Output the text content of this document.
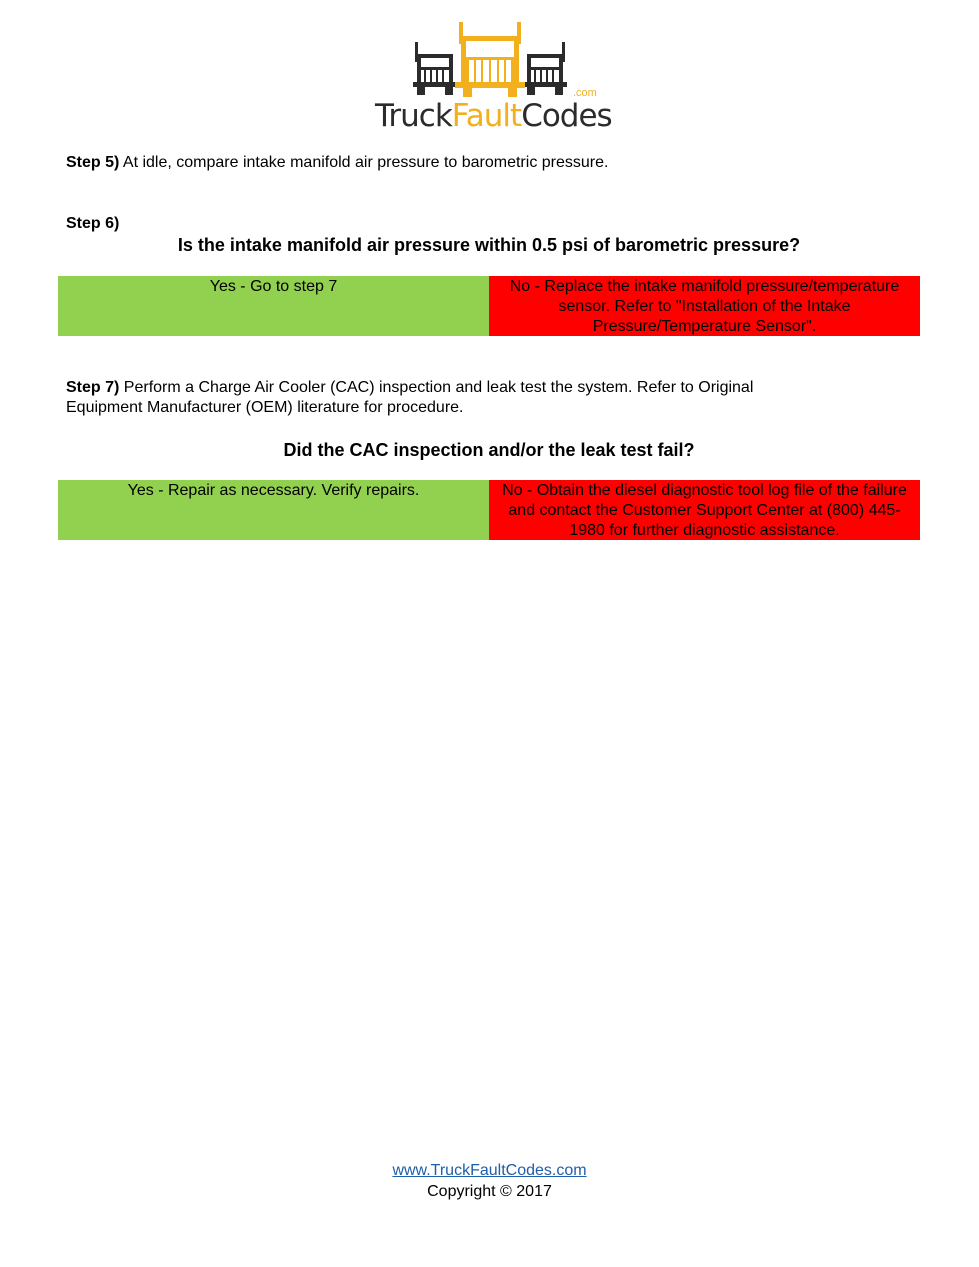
.com
TruckFaultCodes
Step 5) At idle, compare intake manifold air pressure to barometric pressure.
Step 6)
Is the intake manifold air pressure within 0.5 psi of barometric pressure?
Yes - Go to step 7	No - Replace the intake manifold pressure/temperature sensor. Refer to "Installation of the Intake Pressure/Temperature Sensor".
Step 7) Perform a Charge Air Cooler (CAC) inspection and leak test the system. Refer to Original
Equipment Manufacturer (OEM) literature for procedure.
Did the CAC inspection and/or the leak test fail?
Yes - Repair as necessary. Verify repairs.	No - Obtain the diesel diagnostic tool log file of the failure and contact the Customer Support Center at (800) 445-1980 for further diagnostic assistance.
www.TruckFaultCodes.com
Copyright © 2017
